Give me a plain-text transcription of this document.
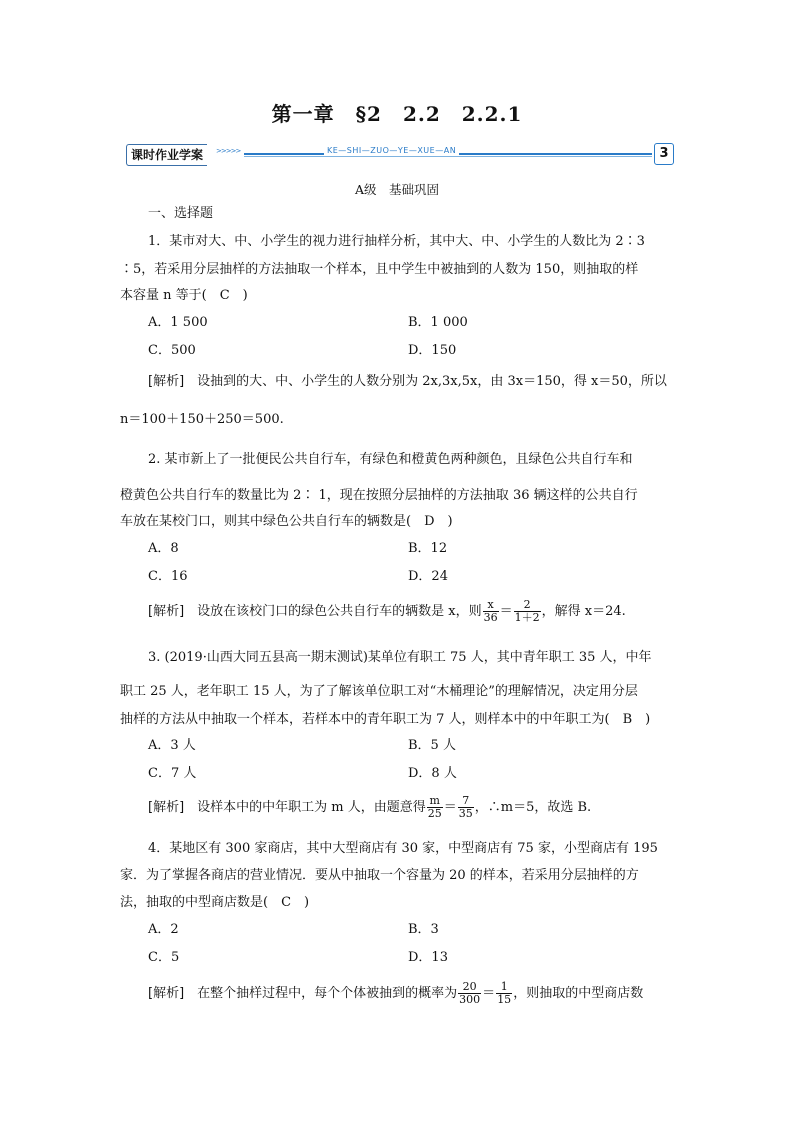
第一章　§2　2.2　2.2.1
课时作业学案	>>>>>	KE—SHI—ZUO—YE—XUE—AN	3
A级　基础巩固
一、选择题
1．某市对大、中、小学生的视力进行抽样分析，其中大、中、小学生的人数比为 2∶3
∶5，若采用分层抽样的方法抽取一个样本，且中学生中被抽到的人数为 150，则抽取的样
本容量 n 等于(　C　)
A．1 500	B．1 000
C．500	D．150
[解析]　设抽到的大、中、小学生的人数分别为 2x,3x,5x，由 3x＝150，得 x＝50，所以
n＝100＋150＋250＝500.
2. 某市新上了一批便民公共自行车，有绿色和橙黄色两种颜色，且绿色公共自行车和
橙黄色公共自行车的数量比为 2∶ 1，现在按照分层抽样的方法抽取 36 辆这样的公共自行
车放在某校门口，则其中绿色公共自行车的辆数是(　D　)
A．8	B．12
C．16	D．24
[解析]　设放在该校门口的绿色公共自行车的辆数是 x，则 $\frac{x}{36} = \frac{2}{1+2}$ ，解得 x＝24.
3. (2019·山西大同五县高一期末测试)某单位有职工 75 人，其中青年职工 35 人，中年
职工 25 人，老年职工 15 人，为了了解该单位职工对“木桶理论”的理解情况，决定用分层
抽样的方法从中抽取一个样本，若样本中的青年职工为 7 人，则样本中的中年职工为(　B　)
A．3 人	B．5 人
C．7 人	D．8 人
[解析]　设样本中的中年职工为 m 人，由题意得 $\frac{m}{25} = \frac{7}{35}$ ，∴m＝5，故选 B.
4．某地区有 300 家商店，其中大型商店有 30 家，中型商店有 75 家，小型商店有 195
家．为了掌握各商店的营业情况．要从中抽取一个容量为 20 的样本，若采用分层抽样的方
法，抽取的中型商店数是(　C　)
A．2	B．3
C．5	D．13
[解析]　在整个抽样过程中，每个个体被抽到的概率为 $\frac{20}{300} = \frac{1}{15}$ ，则抽取的中型商店数
